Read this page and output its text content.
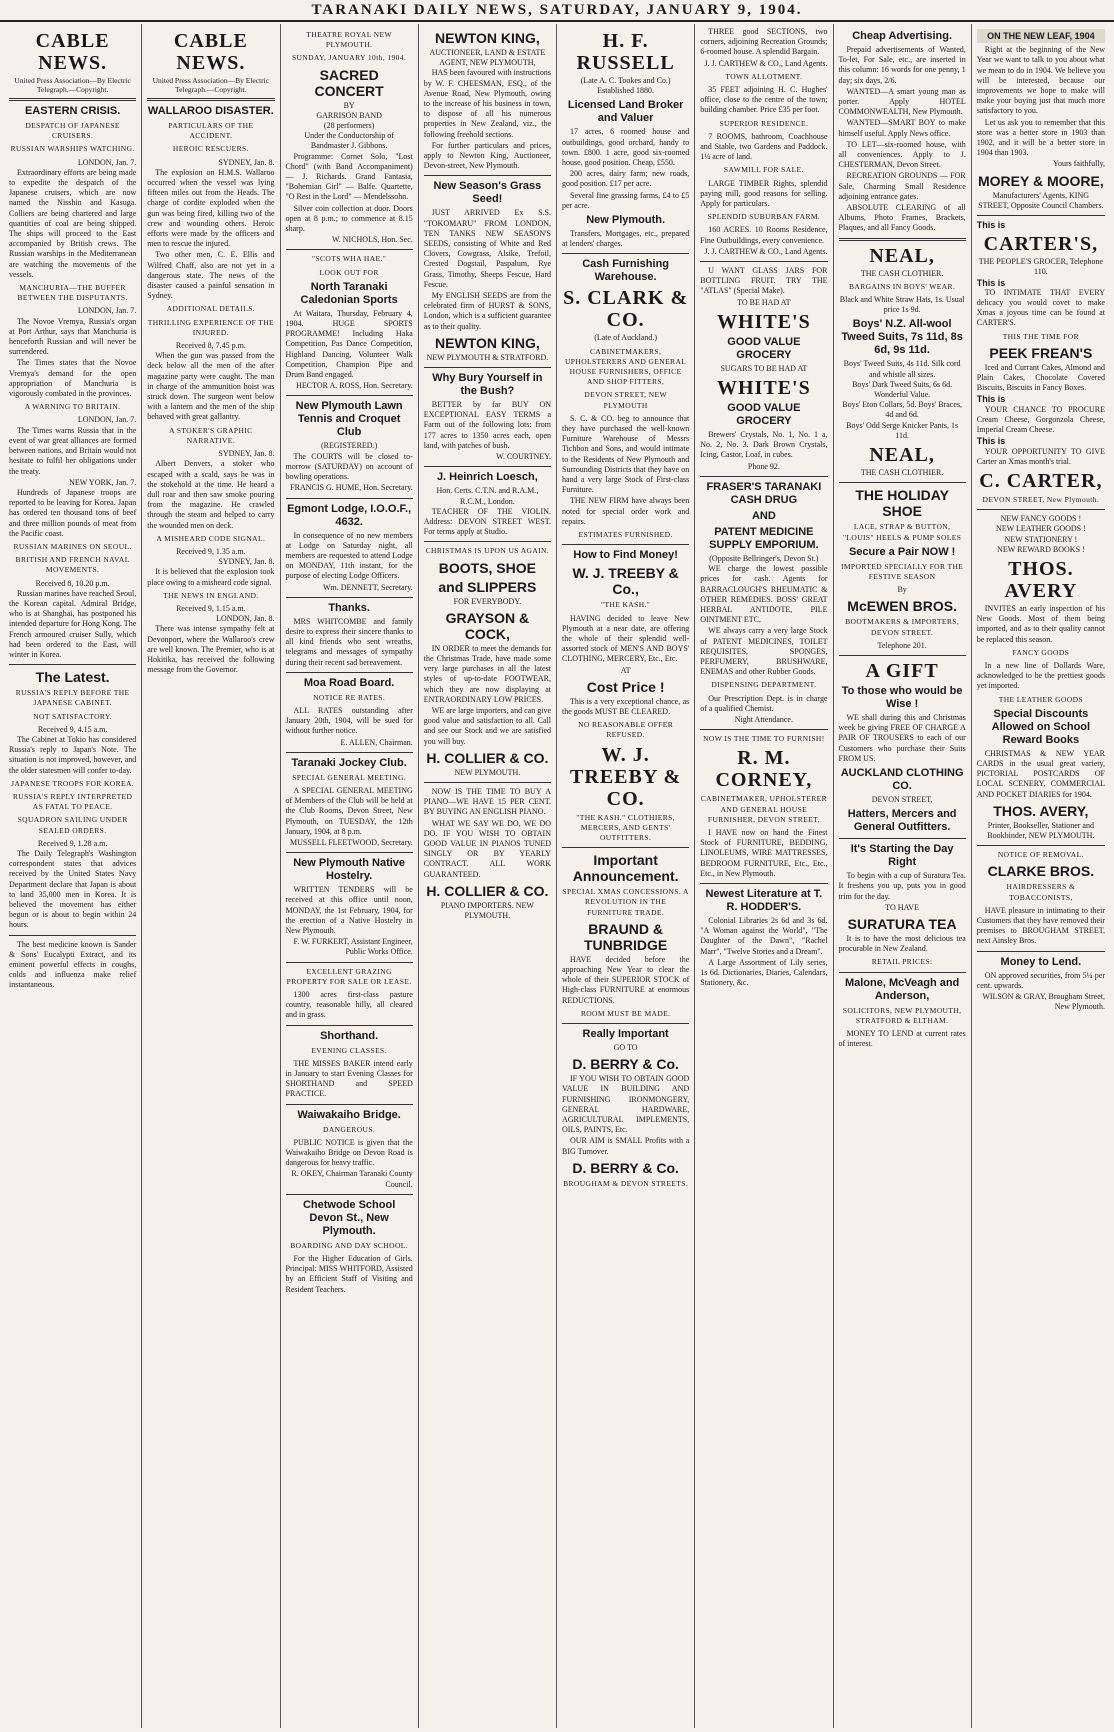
TARANAKI DAILY NEWS, SATURDAY, JANUARY 9, 1904.
CABLE NEWS.
United Press Association—By Electric Telegraph.—Copyright.
EASTERN CRISIS.
DESPATCH OF JAPANESE CRUISERS.
RUSSIAN WARSHIPS WATCHING.
LONDON, Jan. 7.
Extraordinary efforts are being made to expedite the despatch of the Japanese cruisers, which are now named the Nisshin and Kasuga. Colliers are being chartered and large quantities of coal are being shipped. The ships will proceed to the East accompanied by British crews. The Russian warships in the Mediterranean are watching the movements of the vessels.
MANCHURIA—THE BUFFER BETWEEN THE DISPUTANTS.
LONDON, Jan. 7.
The Novoe Vremya, Russia's organ at Port Arthur, says that Manchuria is henceforth Russian and will never be surrendered.
The Times states that the Novoe Vremya's demand for the open appropriation of Manchuria is vigorously combated in the provinces.
A WARNING TO BRITAIN.
LONDON, Jan. 7.
The Times warns Russia that in the event of war great alliances are formed between nations, and Britain would not hesitate to fulfil her obligations under the treaty.
NEW YORK, Jan. 7.
Hundreds of Japanese troops are reported to be leaving for Korea. Japan has ordered ten thousand tons of beef and three million pounds of meat from the Pacific coast.
RUSSIAN MARINES ON SEOUL.
BRITISH AND FRENCH NAVAL MOVEMENTS.
Received 8, 10.20 p.m.
Russian marines have reached Seoul, the Korean capital. Admiral Bridge, who is at Shanghai, has postponed his intended departure for Hong Kong. The French armoured cruiser Sully, which had been ordered to the East, will winter in Korea.
The Latest.
RUSSIA'S REPLY BEFORE THE JAPANESE CABINET.
NOT SATISFACTORY.
Received 9, 4.15 a.m.
The Cabinet at Tokio has considered Russia's reply to Japan's Note. The situation is not improved, however, and the older statesmen will confer to-day.
JAPANESE TROOPS FOR KOREA.
RUSSIA'S REPLY INTERPRETED AS FATAL TO PEACE.
SQUADRON SAILING UNDER SEALED ORDERS.
Received 9, 1.28 a.m.
The Daily Telegraph's Washington correspondent states that advices received by the United States Navy Department declare that Japan is about to land 35,000 men in Korea. It is believed the movement has either begun or is about to begin within 24 hours.
The best medicine known is Sander & Sons' Eucalypti Extract, and its eminent powerful effects in coughs, colds and influenza make relief instantaneous.
CABLE NEWS.
United Press Association—By Electric Telegraph.—Copyright.
WALLAROO DISASTER.
PARTICULARS OF THE ACCIDENT.
HEROIC RESCUERS.
SYDNEY, Jan. 8.
The explosion on H.M.S. Wallaroo occurred when the vessel was lying fifteen miles out from the Heads. The charge of cordite exploded when the gun was being fired, killing two of the crew and wounding others. Heroic efforts were made by the officers and men to rescue the injured.
Two other men, C. E. Ellis and Wilfred Chaff, also are not yet in a dangerous state. The news of the disaster caused a painful sensation in Sydney.
ADDITIONAL DETAILS.
THRILLING EXPERIENCE OF THE INJURED.
Received 8, 7.45 p.m.
When the gun was passed from the deck below all the men of the after magazine party were caught. The man in charge of the ammunition hoist was struck down. The surgeon went below with a lantern and the men of the ship behaved with great gallantry.
A STOKER'S GRAPHIC NARRATIVE.
SYDNEY, Jan. 8.
Albert Denvers, a stoker who escaped with a scald, says he was in the stokehold at the time. He heard a dull roar and then saw smoke pouring from the magazine. He crawled through the steam and helped to carry the wounded men on deck.
A MISHEARD CODE SIGNAL.
Received 9, 1.35 a.m.
SYDNEY, Jan. 8.
It is believed that the explosion took place owing to a misheard code signal.
THE NEWS IN ENGLAND.
Received 9, 1.15 a.m.
LONDON, Jan. 8.
There was intense sympathy felt at Devonport, where the Wallaroo's crew are well known. The Premier, who is at Hokitika, has received the following message from the Governor.
THEATRE ROYAL NEW PLYMOUTH.
SUNDAY, JANUARY 10th, 1904.
SACRED CONCERT
BY
GARRISON BAND
(28 performers)
Under the Conductorship of Bandmaster J. Gibbons.
Programme: Cornet Solo, "Lost Chord" (with Band Accompaniment) — J. Richards. Grand Fantasia, "Bohemian Girl" — Balfe. Quartette, "O Rest in the Lord" — Mendelssohn.
Silver coin collection at door. Doors open at 8 p.m.; to commence at 8.15 sharp.
W. NICHOLS, Hon. Sec.
"SCOTS WHA HAE."
LOOK OUT FOR
North Taranaki Caledonian Sports
At Waitara, Thursday, February 4, 1904. HUGE SPORTS PROGRAMME! Including Haka Competition, Pas Dance Competition, Highland Dancing, Volunteer Walk Competition, Champion Pipe and Drum Band engaged.
HECTOR A. ROSS, Hon. Secretary.
New Plymouth Lawn Tennis and Croquet Club
(REGISTERED.)
The COURTS will be closed to-morrow (SATURDAY) on account of bowling operations.
FRANCIS G. HUME, Hon. Secretary.
Egmont Lodge, I.O.O.F., 4632.
In consequence of no new members at Lodge on Saturday night, all members are requested to attend Lodge on MONDAY, 11th instant, for the purpose of electing Lodge Officers.
Wm. DENNETT, Secretary.
Thanks.
MRS WHITCOMBE and family desire to express their sincere thanks to all kind friends who sent wreaths, telegrams and messages of sympathy during their recent sad bereavement.
Moa Road Board.
NOTICE RE RATES.
ALL RATES outstanding after January 20th, 1904, will be sued for without further notice.
E. ALLEN, Chairman.
Taranaki Jockey Club.
SPECIAL GENERAL MEETING.
A SPECIAL GENERAL MEETING of Members of the Club will be held at the Club Rooms, Devon Street, New Plymouth, on TUESDAY, the 12th January, 1904, at 8 p.m.
MUSSELL FLEETWOOD, Secretary.
New Plymouth Native Hostelry.
WRITTEN TENDERS will be received at this office until noon, MONDAY, the 1st February, 1904, for the erection of a Native Hostelry in New Plymouth.
F. W. FURKERT, Assistant Engineer, Public Works Office.
EXCELLENT GRAZING PROPERTY FOR SALE OR LEASE.
1300 acres first-class pasture country, reasonable hilly, all cleared and in grass.
Shorthand.
EVENING CLASSES.
THE MISSES BAKER intend early in January to start Evening Classes for SHORTHAND and SPEED PRACTICE.
Waiwakaiho Bridge.
DANGEROUS.
PUBLIC NOTICE is given that the Waiwakaiho Bridge on Devon Road is dangerous for heavy traffic.
R. OKEY, Chairman Taranaki County Council.
Chetwode School Devon St., New Plymouth.
BOARDING AND DAY SCHOOL.
For the Higher Education of Girls. Principal: MISS WHITFORD, Assisted by an Efficient Staff of Visiting and Resident Teachers.
NEWTON KING,
AUCTIONEER, LAND & ESTATE AGENT, NEW PLYMOUTH,
HAS been favoured with instructions by W. F. CHEESMAN, ESQ., of the Avenue Road, New Plymouth, owing to the increase of his business in town, to dispose of all his numerous properties in New Zealand, viz., the following freehold sections.
For further particulars and prices, apply to Newton King, Auctioneer, Devon-street, New Plymouth.
New Season's Grass Seed!
JUST ARRIVED Ex S.S. "TOKOMARU" FROM LONDON, TEN TANKS NEW SEASON'S SEEDS, consisting of White and Red Clovers, Cowgrass, Alsike, Trefoil, Crested Dogstail, Paspalum, Rye Grass, Timothy, Sheeps Fescue, Hard Fescue.
My ENGLISH SEEDS are from the celebrated firm of HURST & SONS, London, which is a sufficient guarantee as to their quality.
NEWTON KING,
NEW PLYMOUTH & STRATFORD.
Why Bury Yourself in the Bush?
BETTER by far BUY ON EXCEPTIONAL EASY TERMS a Farm out of the following lots: from 177 acres to 1350 acres each, open land, with patches of bush.
W. COURTNEY.
J. Heinrich Loesch,
Hon. Certs. C.T.N. and R.A.M., R.C.M., London.
TEACHER OF THE VIOLIN. Address: DEVON STREET WEST. For terms apply at Studio.
CHRISTMAS IS UPON US AGAIN.
BOOTS, SHOE
and SLIPPERS
FOR EVERYBODY.
GRAYSON & COCK,
IN ORDER to meet the demands for the Christmas Trade, have made some very large purchases in all the latest styles of up-to-date FOOTWEAR, which they are now displaying at ENTRAORDINARY LOW PRICES.
WE are large importers, and can give good value and satisfaction to all. Call and see our Stock and we are satisfied you will buy.
H. COLLIER & CO.
NEW PLYMOUTH.
NOW IS THE TIME TO BUY A PIANO—WE HAVE 15 PER CENT. BY BUYING AN ENGLISH PIANO.
WHAT WE SAY WE DO, WE DO DO. IF YOU WISH TO OBTAIN GOOD VALUE IN PIANOS TUNED SINGLY OR BY YEARLY CONTRACT. ALL WORK GUARANTEED.
H. COLLIER & CO.
PIANO IMPORTERS. NEW PLYMOUTH.
H. F. RUSSELL
(Late A. C. Tookes and Co.) Established 1880.
Licensed Land Broker and Valuer
17 acres, 6 roomed house and outbuildings, good orchard, handy to town. £800. 1 acre, good six-roomed house, good position. Cheap, £550.
200 acres, dairy farm; new roads, good position. £17 per acre.
Several fine grassing farms, £4 to £5 per acre.
New Plymouth.
Transfers, Mortgages, etc., prepared at lenders' charges.
Cash Furnishing Warehouse.
S. CLARK & CO.
(Late of Auckland.)
CABINETMAKERS, UPHOLSTERERS AND GENERAL HOUSE FURNISHERS, OFFICE AND SHOP FITTERS,
DEVON STREET, NEW PLYMOUTH
S. C. & CO. beg to announce that they have purchased the well-known Furniture Warehouse of Messrs Tichbon and Sons, and would intimate to the Residents of New Plymouth and Surrounding Districts that they have on hand a very large Stock of First-class Furniture.
THE NEW FIRM have always been noted for special order work and repairs.
ESTIMATES FURNISHED.
How to Find Money!
W. J. TREEBY & Co.,
"THE KASH."
HAVING decided to leave New Plymouth at a near date, are offering the whole of their splendid well-assorted stock of MEN'S AND BOYS' CLOTHING, MERCERY, Etc., Etc.
AT
Cost Price !
This is a very exceptional chance, as the goods MUST BE CLEARED.
NO REASONABLE OFFER REFUSED.
W. J. TREEBY & CO.
"THE KASH." CLOTHIERS, MERCERS, AND GENTS' OUTFITTERS.
Important Announcement.
SPECIAL XMAS CONCESSIONS. A REVOLUTION IN THE FURNITURE TRADE.
BRAUND & TUNBRIDGE
HAVE decided before the approaching New Year to clear the whole of their SUPERIOR STOCK of High-class FURNITURE at enormous REDUCTIONS.
ROOM MUST BE MADE.
Really Important
GO TO
D. BERRY & Co.
IF YOU WISH TO OBTAIN GOOD VALUE IN BUILDING AND FURNISHING IRONMONGERY, GENERAL HARDWARE, AGRICULTURAL IMPLEMENTS, OILS, PAINTS, Etc.
OUR AIM is SMALL Profits with a BIG Turnover.
D. BERRY & Co.
BROUGHAM & DEVON STREETS.
THREE good SECTIONS, two corners, adjoining Recreation Grounds; 6-roomed house. A splendid Bargain.
J. J. CARTHEW & CO., Land Agents.
TOWN ALLOTMENT.
35 FEET adjoining H. C. Hughes' office, close to the centre of the town; building chamber. Price £35 per foot.
SUPERIOR RESIDENCE.
7 ROOMS, bathroom, Coachhouse and Stable, two Gardens and Paddock. 1¼ acre of land.
SAWMILL FOR SALE.
LARGE TIMBER Rights, splendid paying mill, good reasons for selling. Apply for particulars.
SPLENDID SUBURBAN FARM.
160 ACRES. 10 Rooms Residence, Fine Outbuildings, every convenience.
J. J. CARTHEW & CO., Land Agents.
U WANT GLASS JARS FOR BOTTLING FRUIT. TRY THE "ATLAS" (Special Make).
TO BE HAD AT
WHITE'S
GOOD VALUE GROCERY
SUGARS TO BE HAD AT
WHITE'S
GOOD VALUE GROCERY
Brewers' Crystals, No. 1, No. 1 a, No. 2, No. 3. Dark Brown Crystals, Icing, Castor, Loaf, in cubes.
Phone 92.
FRASER'S TARANAKI CASH DRUG
AND
PATENT MEDICINE SUPPLY EMPORIUM.
(Opposite Bellringer's, Devon St.)
WE charge the lowest possible prices for cash. Agents for BARRACLOUGH'S RHEUMATIC & OTHER REMEDIES. BOSS' GREAT HERBAL ANTIDOTE, PILE OINTMENT ETC.
WE always carry a very large Stock of PATENT MEDICINES, TOILET REQUISITES, SPONGES, PERFUMERY, BRUSHWARE, ENEMAS and other Rubber Goods.
DISPENSING DEPARTMENT.
Our Prescription Dept. is in charge of a qualified Chemist.
Night Attendance.
NOW IS THE TIME TO FURNISH!
R. M. CORNEY,
CABINETMAKER, UPHOLSTERER AND GENERAL HOUSE FURNISHER, DEVON STREET,
I HAVE now on hand the Finest Stock of FURNITURE, BEDDING, LINOLEUMS, WIRE MATTRESSES, BEDROOM FURNITURE, Etc., Etc., Etc., in New Plymouth.
Newest Literature at T. R. HODDER'S.
Colonial Libraries 2s 6d and 3s 6d. "A Woman against the World", "The Daughter of the Dawn", "Rachel Marr", "Twelve Stories and a Dream".
A Large Assortment of Lily series, 1s 6d. Dictionaries, Diaries, Calendars, Stationery, &c.
Cheap Advertising.
Prepaid advertisements of Wanted, To-let, For Sale, etc., are inserted in this column: 16 words for one penny, 1 day; six days, 2/6.
WANTED—A smart young man as porter. Apply HOTEL COMMONWEALTH, New Plymouth.
WANTED—SMART BOY to make himself useful. Apply News office.
TO LET—six-roomed house, with all conveniences. Apply to J. CHESTERMAN, Devon Street.
RECREATION GROUNDS — FOR Sale, Charming Small Residence adjoining entrance gates.
ABSOLUTE CLEARING of all Albums, Photo Frames, Brackets, Plaques, and all Fancy Goods.
NEAL,
THE CASH CLOTHIER.
BARGAINS IN BOYS' WEAR.
Black and White Straw Hats, 1s. Usual price 1s 9d.
Boys' N.Z. All-wool Tweed Suits, 7s 11d, 8s 6d, 9s 11d.
Boys' Tweed Suits, 4s 11d. Silk cord and whistle all sizes.
Boys' Dark Tweed Suits, 6s 6d. Wonderful Value.
Boys' Eton Collars, 5d. Boys' Braces, 4d and 6d.
Boys' Odd Serge Knicker Pants, 1s 11d.
NEAL,
THE CASH CLOTHIER.
THE HOLIDAY SHOE
LACE, STRAP & BUTTON, "LOUIS" HEELS & PUMP SOLES
Secure a Pair NOW !
IMPORTED SPECIALLY FOR THE FESTIVE SEASON
By
McEWEN BROS.
BOOTMAKERS & IMPORTERS, DEVON STREET.
Telephone 201.
A GIFT
To those who would be Wise !
WE shall during this and Christmas week be giving FREE OF CHARGE A PAIR OF TROUSERS to each of our Customers who purchase their Suits FROM US.
AUCKLAND CLOTHING CO.
DEVON STREET,
Hatters, Mercers and General Outfitters.
It's Starting the Day Right
To begin with a cup of Suratura Tea. It freshens you up, puts you in good trim for the day.
TO HAVE
SURATURA TEA
It is to have the most delicious tea procurable in New Zealand.
RETAIL PRICES:
Malone, McVeagh and Anderson,
SOLICITORS, NEW PLYMOUTH, STRATFORD & ELTHAM.
MONEY TO LEND at current rates of interest.
ON THE NEW LEAF, 1904
Right at the beginning of the New Year we want to talk to you about what we mean to do in 1904. We believe you will be interested, because our improvements we hope to make will make your buying just that much more satisfactory to you.
Let us ask you to remember that this store was a better store in 1903 than 1902, and it will be a better store in 1904 than 1903.
Yours faithfully,
MOREY & MOORE,
Manufacturers' Agents, KING STREET, Opposite Council Chambers.
This is
CARTER'S,
THE PEOPLE'S GROCER, Telephone 110.
This is
TO INTIMATE THAT EVERY delicacy you would covet to make Xmas a joyous time can be found at CARTER'S.
THIS THE TIME FOR
PEEK FREAN'S
Iced and Currant Cakes, Almond and Plain Cakes, Chocolate Covered Biscuits, Biscuits in Fancy Boxes.
This is
YOUR CHANCE TO PROCURE Cream Cheese, Gorgonzola Cheese, Imperial Cream Cheese.
This is
YOUR OPPORTUNITY TO GIVE Carter an Xmas month's trial.
C. CARTER,
DEVON STREET, New Plymouth.
NEW FANCY GOODS !
NEW LEATHER GOODS !
NEW STATIONERY !
NEW REWARD BOOKS !
THOS. AVERY
INVITES an early inspection of his New Goods. Most of them being imported, and as to their quality cannot be replaced this season.
FANCY GOODS
In a new line of Dollards Ware, acknowledged to be the prettiest goods yet imported.
THE LEATHER GOODS
Special Discounts Allowed on School Reward Books
CHRISTMAS & NEW YEAR CARDS in the usual great variety, PICTORIAL POSTCARDS OF LOCAL SCENERY, COMMERCIAL AND POCKET DIARIES for 1904.
THOS. AVERY,
Printer, Bookseller, Stationer and Bookbinder, NEW PLYMOUTH.
NOTICE OF REMOVAL.
CLARKE BROS.
HAIRDRESSERS & TOBACCONISTS,
HAVE pleasure in intimating to their Customers that they have removed their premises to BROUGHAM STREET, next Ainsley Bros.
Money to Lend.
ON approved securities, from 5¼ per cent. upwards.
WILSON & GRAY, Brougham Street, New Plymouth.
